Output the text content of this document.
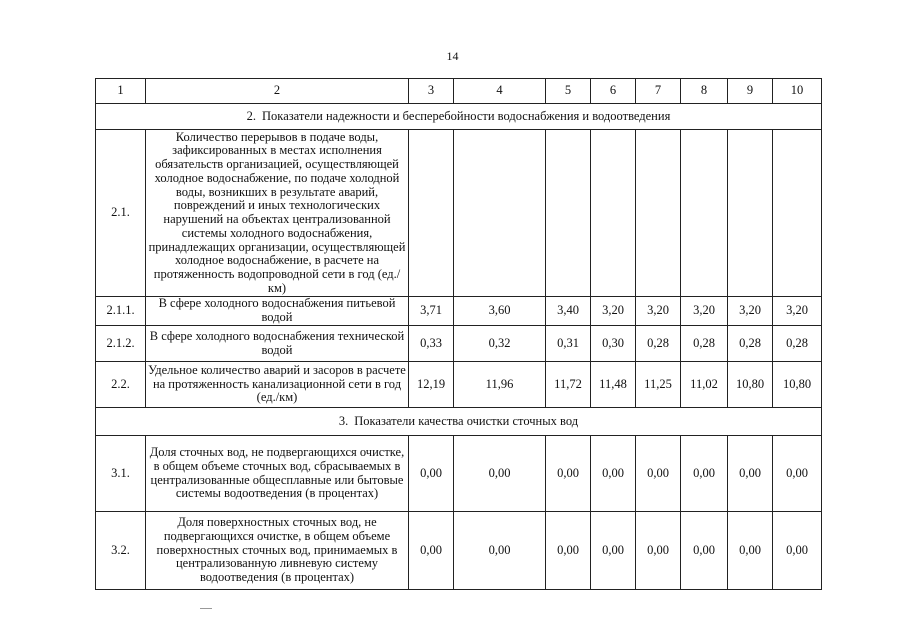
14
1	2	3	4	5	6	7	8	9	10
2. Показатели надежности и бесперебойности водоснабжения и водоотведения									
2.1.	Количество перерывов в подаче воды, зафиксированных в местах исполнения обязательств организацией, осуществляющей холодное водоснабжение, по подаче холодной воды, возникших в результате аварий, повреждений и иных технологических нарушений на объектах централизованной системы холодного водоснабжения, принадлежащих организации, осуществляющей холодное водоснабжение, в расчете на протяженность водопроводной сети в год (ед./км)								
2.1.1.	В сфере холодного водоснабжения питьевой водой	3,71	3,60	3,40	3,20	3,20	3,20	3,20	3,20
2.1.2.	В сфере холодного водоснабжения технической водой	0,33	0,32	0,31	0,30	0,28	0,28	0,28	0,28
2.2.	Удельное количество аварий и засоров в расчете на протяженность канализационной сети в год (ед./км)	12,19	11,96	11,72	11,48	11,25	11,02	10,80	10,80
3. Показатели качества очистки сточных вод									
3.1.	Доля сточных вод, не подвергающихся очистке, в общем объеме сточных вод, сбрасываемых в централизованные общесплавные или бытовые системы водоотведения (в процентах)	0,00	0,00	0,00	0,00	0,00	0,00	0,00	0,00
3.2.	Доля поверхностных сточных вод, не подвергающихся очистке, в общем объеме поверхностных сточных вод, принимаемых в централизованную ливневую систему водоотведения (в процентах)	0,00	0,00	0,00	0,00	0,00	0,00	0,00	0,00
